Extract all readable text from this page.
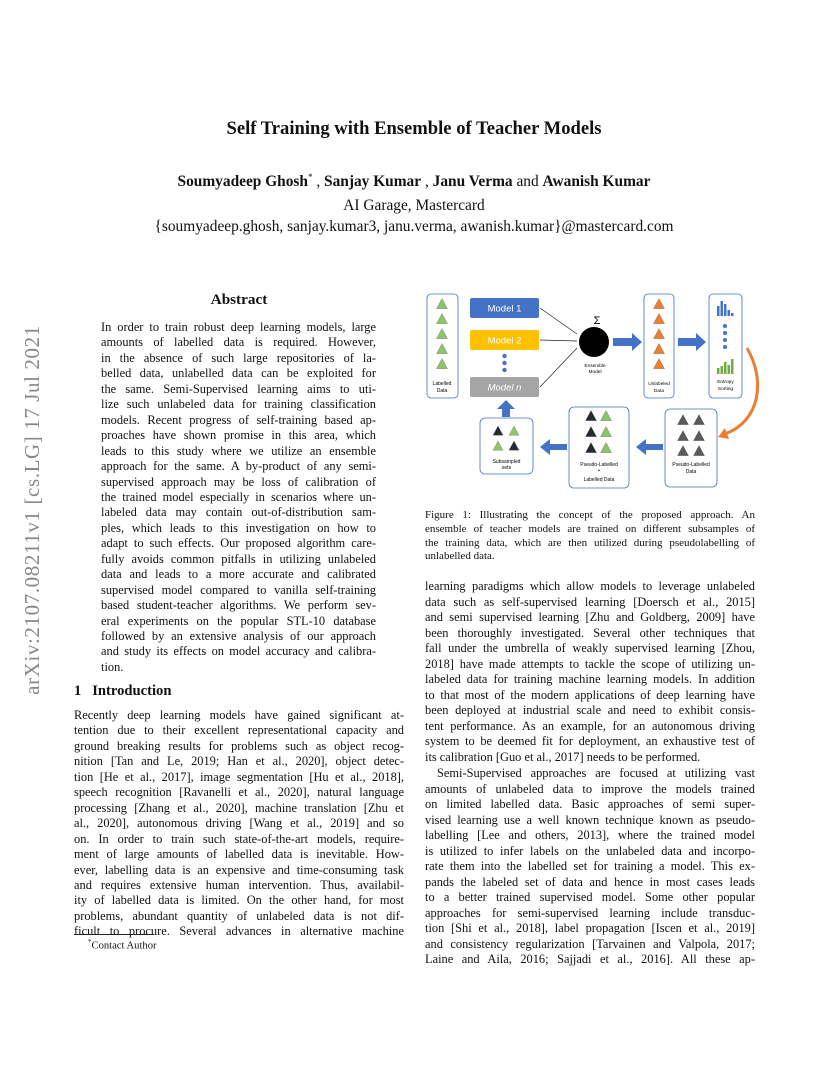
arXiv:2107.08211v1 [cs.LG] 17 Jul 2021
Self Training with Ensemble of Teacher Models
Soumyadeep Ghosh* , Sanjay Kumar , Janu Verma and Awanish Kumar
AI Garage, Mastercard
{soumyadeep.ghosh, sanjay.kumar3, janu.verma, awanish.kumar}@mastercard.com
Abstract
In order to train robust deep learning models, large
amounts of labelled data is required. However,
in the absence of such large repositories of la-
belled data, unlabelled data can be exploited for
the same. Semi-Supervised learning aims to uti-
lize such unlabeled data for training classification
models. Recent progress of self-training based ap-
proaches have shown promise in this area, which
leads to this study where we utilize an ensemble
approach for the same. A by-product of any semi-
supervised approach may be loss of calibration of
the trained model especially in scenarios where un-
labeled data may contain out-of-distribution sam-
ples, which leads to this investigation on how to
adapt to such effects. Our proposed algorithm care-
fully avoids common pitfalls in utilizing unlabeled
data and leads to a more accurate and calibrated
supervised model compared to vanilla self-training
based student-teacher algorithms. We perform sev-
eral experiments on the popular STL-10 database
followed by an extensive analysis of our approach
and study its effects on model accuracy and calibra-
tion.
1 Introduction
Recently deep learning models have gained significant at-
tention due to their excellent representational capacity and
ground breaking results for problems such as object recog-
nition [Tan and Le, 2019; Han et al., 2020], object detec-
tion [He et al., 2017], image segmentation [Hu et al., 2018],
speech recognition [Ravanelli et al., 2020], natural language
processing [Zhang et al., 2020], machine translation [Zhu et
al., 2020], autonomous driving [Wang et al., 2019] and so
on. In order to train such state-of-the-art models, require-
ment of large amounts of labelled data is inevitable. How-
ever, labelling data is an expensive and time-consuming task
and requires extensive human intervention. Thus, availabil-
ity of labelled data is limited. On the other hand, for most
problems, abundant quantity of unlabeled data is not dif-
ficult to procure. Several advances in alternative machine
*Contact Author
Labelled
Data
Model 1
Model 2
Model n
Σ
Ensemble
Model
Unlabeled
Data
Entropy
Sorting
Pseudo-Labelled
Data
Pseudo-Labelled
+
Labelled Data
Subsampled
sets
Figure 1: Illustrating the concept of the proposed approach. An
ensemble of teacher models are trained on different subsamples of
the training data, which are then utilized during pseudolabelling of
unlabelled data.
learning paradigms which allow models to leverage unlabeled
data such as self-supervised learning [Doersch et al., 2015]
and semi supervised learning [Zhu and Goldberg, 2009] have
been thoroughly investigated. Several other techniques that
fall under the umbrella of weakly supervised learning [Zhou,
2018] have made attempts to tackle the scope of utilizing un-
labeled data for training machine learning models. In addition
to that most of the modern applications of deep learning have
been deployed at industrial scale and need to exhibit consis-
tent performance. As an example, for an autonomous driving
system to be deemed fit for deployment, an exhaustive test of
its calibration [Guo et al., 2017] needs to be performed.
Semi-Supervised approaches are focused at utilizing vast
amounts of unlabeled data to improve the models trained
on limited labelled data. Basic approaches of semi super-
vised learning use a well known technique known as pseudo-
labelling [Lee and others, 2013], where the trained model
is utilized to infer labels on the unlabeled data and incorpo-
rate them into the labelled set for training a model. This ex-
pands the labeled set of data and hence in most cases leads
to a better trained supervised model. Some other popular
approaches for semi-supervised learning include transduc-
tion [Shi et al., 2018], label propagation [Iscen et al., 2019]
and consistency regularization [Tarvainen and Valpola, 2017;
Laine and Aila, 2016; Sajjadi et al., 2016]. All these ap-
